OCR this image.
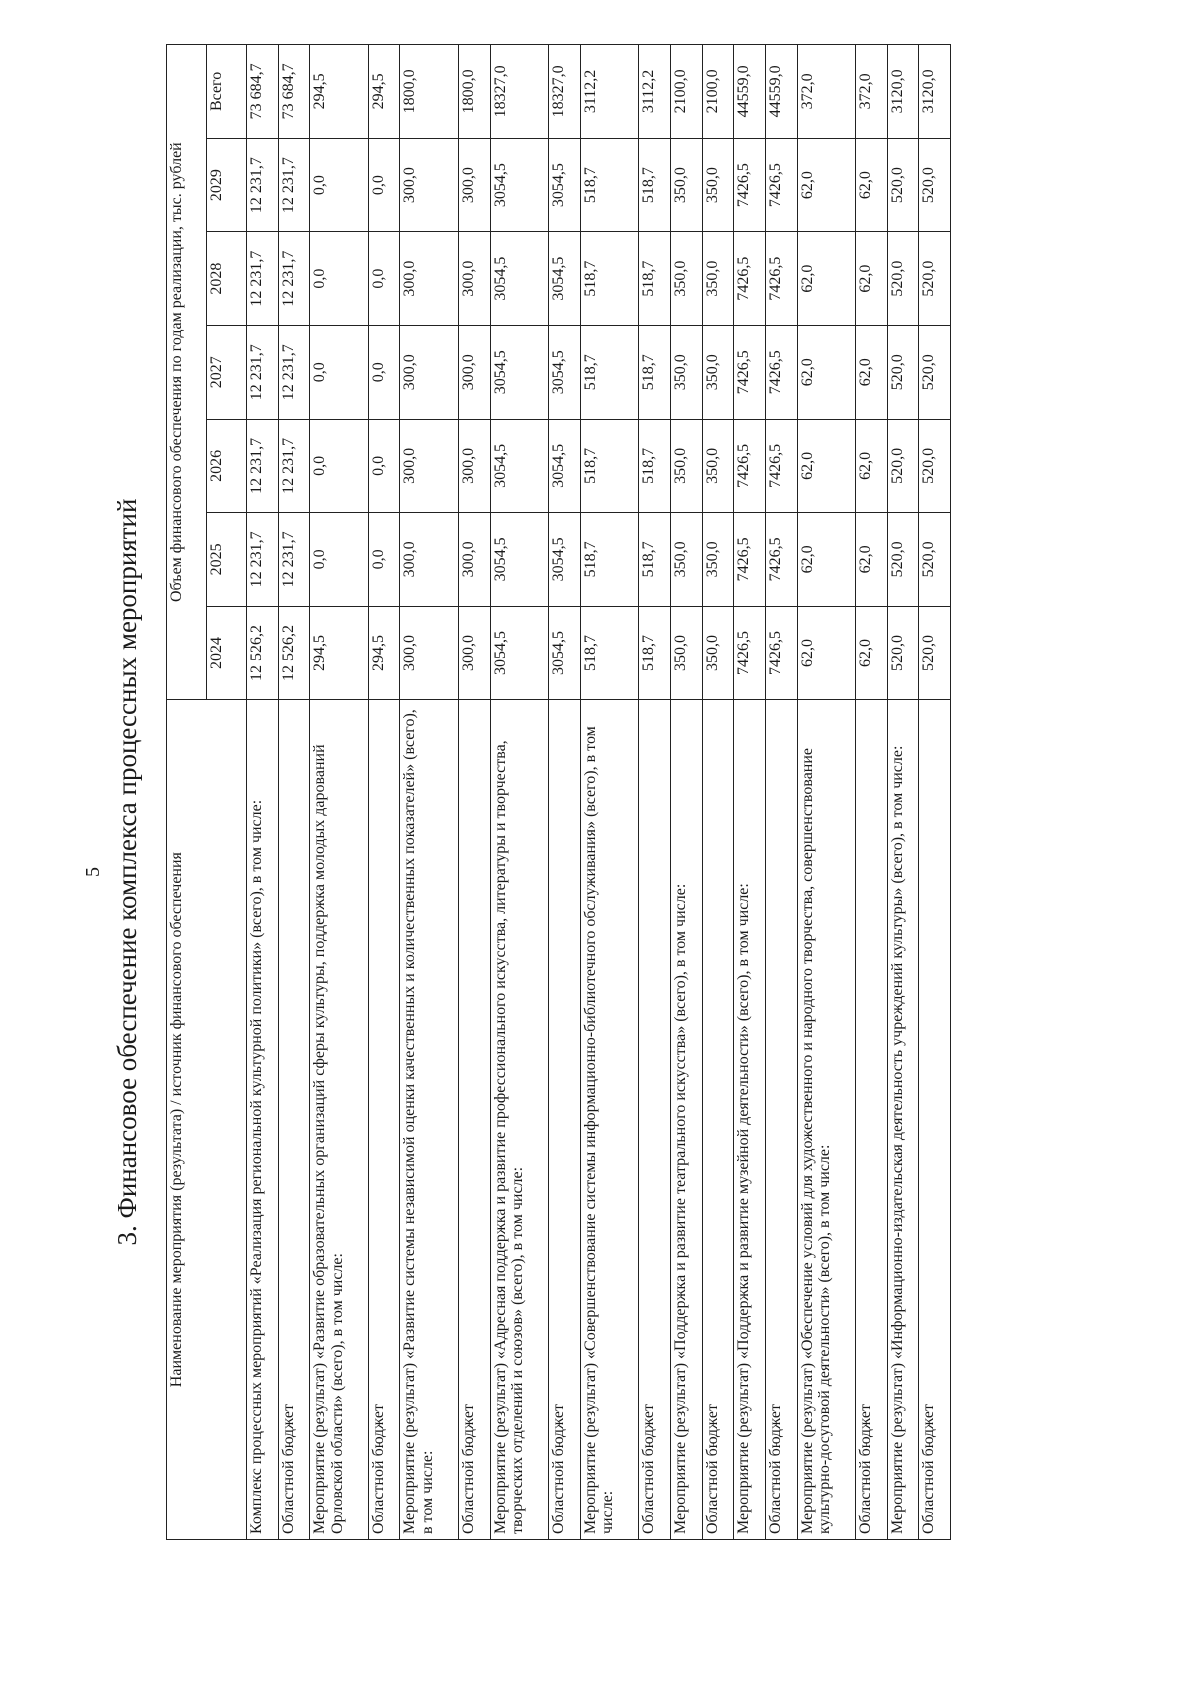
5 3. Финансовое обеспечение комплекса процессных мероприятий Наименование мероприятия (результата) / источник финансового обеспечения	Объем финансового обеспечения по годам реализации, тыс. рублей						
	2024	2025	2026	2027	2028	2029	Всего
Комплекс процессных мероприятий «Реализация региональной культурной политики» (всего), в том числе:	12 526,2	12 231,7	12 231,7	12 231,7	12 231,7	12 231,7	73 684,7
Областной бюджет	12 526,2	12 231,7	12 231,7	12 231,7	12 231,7	12 231,7	73 684,7
Мероприятие (результат) «Развитие образовательных организаций сферы культуры, поддержка молодых дарований Орловской области» (всего), в том числе:	294,5	0,0	0,0	0,0	0,0	0,0	294,5
Областной бюджет	294,5	0,0	0,0	0,0	0,0	0,0	294,5
Мероприятие (результат) «Развитие системы независимой оценки качественных и количественных показателей» (всего), в том числе:	300,0	300,0	300,0	300,0	300,0	300,0	1800,0
Областной бюджет	300,0	300,0	300,0	300,0	300,0	300,0	1800,0
Мероприятие (результат) «Адресная поддержка и развитие профессионального искусства, литературы и творчества, творческих отделений и союзов» (всего), в том числе:	3054,5	3054,5	3054,5	3054,5	3054,5	3054,5	18327,0
Областной бюджет	3054,5	3054,5	3054,5	3054,5	3054,5	3054,5	18327,0
Мероприятие (результат) «Совершенствование системы информационно-библиотечного обслуживания» (всего), в том числе:	518,7	518,7	518,7	518,7	518,7	518,7	3112,2
Областной бюджет	518,7	518,7	518,7	518,7	518,7	518,7	3112,2
Мероприятие (результат) «Поддержка и развитие театрального искусства» (всего), в том числе:	350,0	350,0	350,0	350,0	350,0	350,0	2100,0
Областной бюджет	350,0	350,0	350,0	350,0	350,0	350,0	2100,0
Мероприятие (результат) «Поддержка и развитие музейной деятельности» (всего), в том числе:	7426,5	7426,5	7426,5	7426,5	7426,5	7426,5	44559,0
Областной бюджет	7426,5	7426,5	7426,5	7426,5	7426,5	7426,5	44559,0
Мероприятие (результат) «Обеспечение условий для художественного и народного творчества, совершенствование культурно-досуговой деятельности» (всего), в том числе:	62,0	62,0	62,0	62,0	62,0	62,0	372,0
Областной бюджет	62,0	62,0	62,0	62,0	62,0	62,0	372,0
Мероприятие (результат) «Информационно-издательская деятельность учреждений культуры» (всего), в том числе:	520,0	520,0	520,0	520,0	520,0	520,0	3120,0
Областной бюджет	520,0	520,0	520,0	520,0	520,0	520,0	3120,0
